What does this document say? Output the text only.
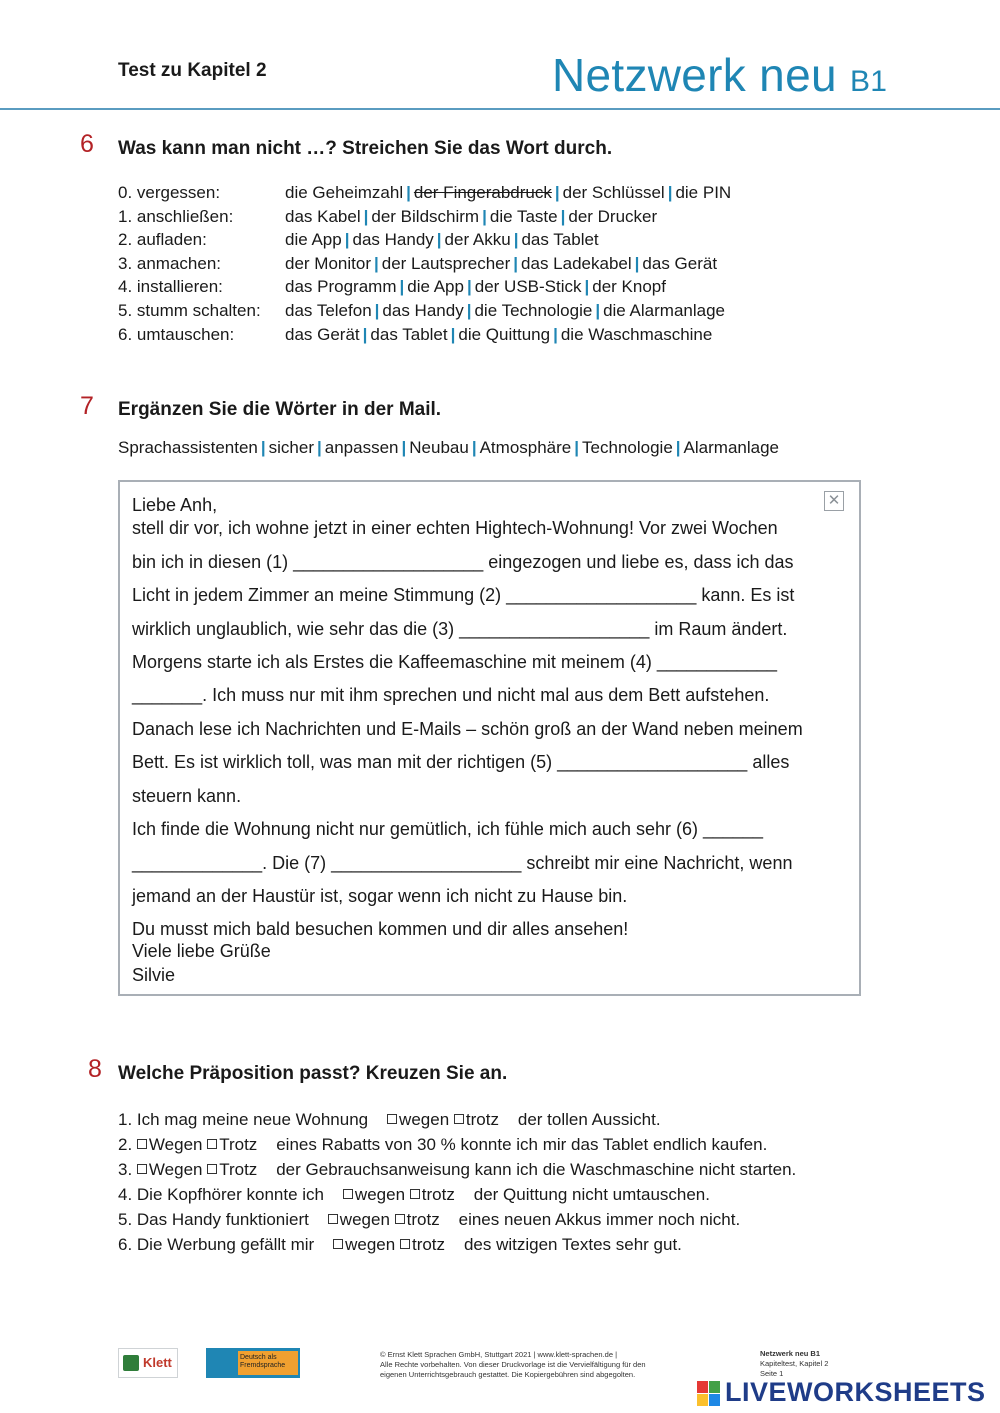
Test zu Kapitel 2	Netzwerk neu B1
6 Was kann man nicht …? Streichen Sie das Wort durch.
0. vergessen:	die Geheimzahl | der Fingerabdruck | der Schlüssel | die PIN
1. anschließen:	das Kabel | der Bildschirm | die Taste | der Drucker
2. aufladen:	die App | das Handy | der Akku | das Tablet
3. anmachen:	der Monitor | der Lautsprecher | das Ladekabel | das Gerät
4. installieren:	das Programm | die App | der USB-Stick | der Knopf
5. stumm schalten: das Telefon | das Handy | die Technologie | die Alarmanlage
6. umtauschen:	das Gerät | das Tablet | die Quittung | die Waschmaschine
7 Ergänzen Sie die Wörter in der Mail.
Sprachassistenten | sicher | anpassen | Neubau | Atmosphäre | Technologie | Alarmanlage
✕
Liebe Anh,
stell dir vor, ich wohne jetzt in einer echten Hightech-Wohnung! Vor zwei Wochen
bin ich in diesen (1) ___________________ eingezogen und liebe es, dass ich das
Licht in jedem Zimmer an meine Stimmung (2) ___________________ kann. Es ist
wirklich unglaublich, wie sehr das die (3) ___________________ im Raum ändert.
Morgens starte ich als Erstes die Kaffeemaschine mit meinem (4) ____________
_______. Ich muss nur mit ihm sprechen und nicht mal aus dem Bett aufstehen.
Danach lese ich Nachrichten und E-Mails – schön groß an der Wand neben meinem
Bett. Es ist wirklich toll, was man mit der richtigen (5) ___________________ alles
steuern kann.
Ich finde die Wohnung nicht nur gemütlich, ich fühle mich auch sehr (6) ______
_____________. Die (7) ___________________ schreibt mir eine Nachricht, wenn
jemand an der Haustür ist, sogar wenn ich nicht zu Hause bin.
Du musst mich bald besuchen kommen und dir alles ansehen!
Viele liebe Grüße
Silvie
8 Welche Präposition passt? Kreuzen Sie an.
1. Ich mag meine neue Wohnung wegen trotz der tollen Aussicht.
2. Wegen Trotz eines Rabatts von 30 % konnte ich mir das Tablet endlich kaufen.
3. Wegen Trotz der Gebrauchsanweisung kann ich die Waschmaschine nicht starten.
4. Die Kopfhörer konnte ich wegen trotz der Quittung nicht umtauschen.
5. Das Handy funktioniert wegen trotz eines neuen Akkus immer noch nicht.
6. Die Werbung gefällt mir wegen trotz des witzigen Textes sehr gut.
Klett	Deutsch als Fremdsprache
© Ernst Klett Sprachen GmbH, Stuttgart 2021 | www.klett-sprachen.de |
Alle Rechte vorbehalten. Von dieser Druckvorlage ist die Vervielfältigung für den
eigenen Unterrichtsgebrauch gestattet. Die Kopiergebühren sind abgegolten.
Netzwerk neu B1
Kapiteltest, Kapitel 2
Seite 1
LIVEWORKSHEETS
